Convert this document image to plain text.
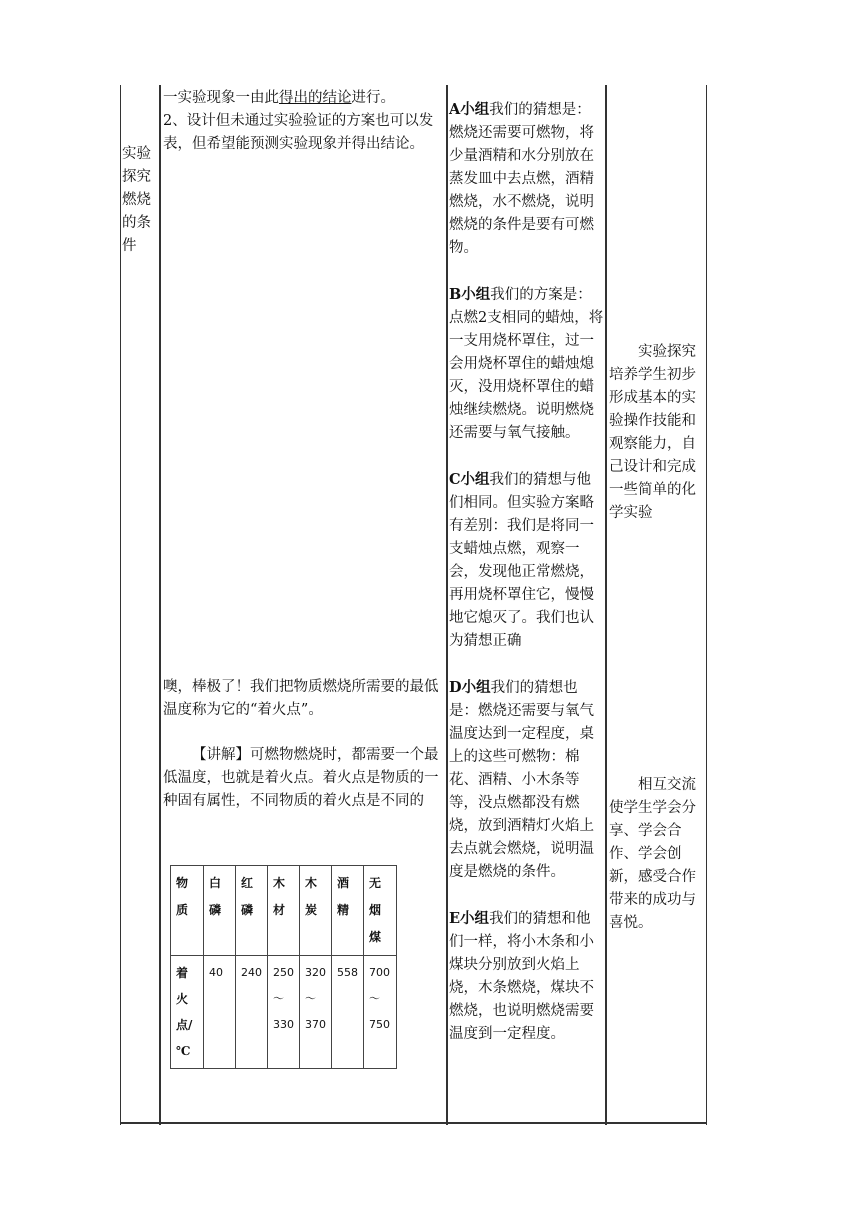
实验探究燃烧的条件
一实验现象一由此得出的结论进行。
2、设计但未通过实验验证的方案也可以发表，但希望能预测实验现象并得出结论。
噢，棒极了！我们把物质燃烧所需要的最低温度称为它的“着火点”。
【讲解】可燃物燃烧时，都需要一个最低温度，也就是着火点。着火点是物质的一种固有属性，不同物质的着火点是不同的
物质	白磷	红磷	木材	木炭	酒精	无烟煤

着火点/℃	40	240	250～330	320～370	558	700～750

A小组我们的猜想是：燃烧还需要可燃物，将少量酒精和水分别放在蒸发皿中去点燃，酒精燃烧，水不燃烧，说明燃烧的条件是要有可燃物。

B小组我们的方案是：点燃2支相同的蜡烛，将一支用烧杯罩住，过一会用烧杯罩住的蜡烛熄灭，没用烧杯罩住的蜡烛继续燃烧。说明燃烧还需要与氧气接触。

C小组我们的猜想与他们相同。但实验方案略有差别：我们是将同一支蜡烛点燃，观察一会，发现他正常燃烧，再用烧杯罩住它，慢慢地它熄灭了。我们也认为猜想正确

D小组我们的猜想也是：燃烧还需要与氧气温度达到一定程度，桌上的这些可燃物：棉花、酒精、小木条等等，没点燃都没有燃烧，放到酒精灯火焰上去点就会燃烧，说明温度是燃烧的条件。

E小组我们的猜想和他们一样，将小木条和小煤块分别放到火焰上烧，木条燃烧，煤块不燃烧，也说明燃烧需要温度到一定程度。

实验探究培养学生初步形成基本的实验操作技能和观察能力，自己设计和完成一些简单的化学实验
相互交流使学生学会分享、学会合作、学会创新，感受合作带来的成功与喜悦。
